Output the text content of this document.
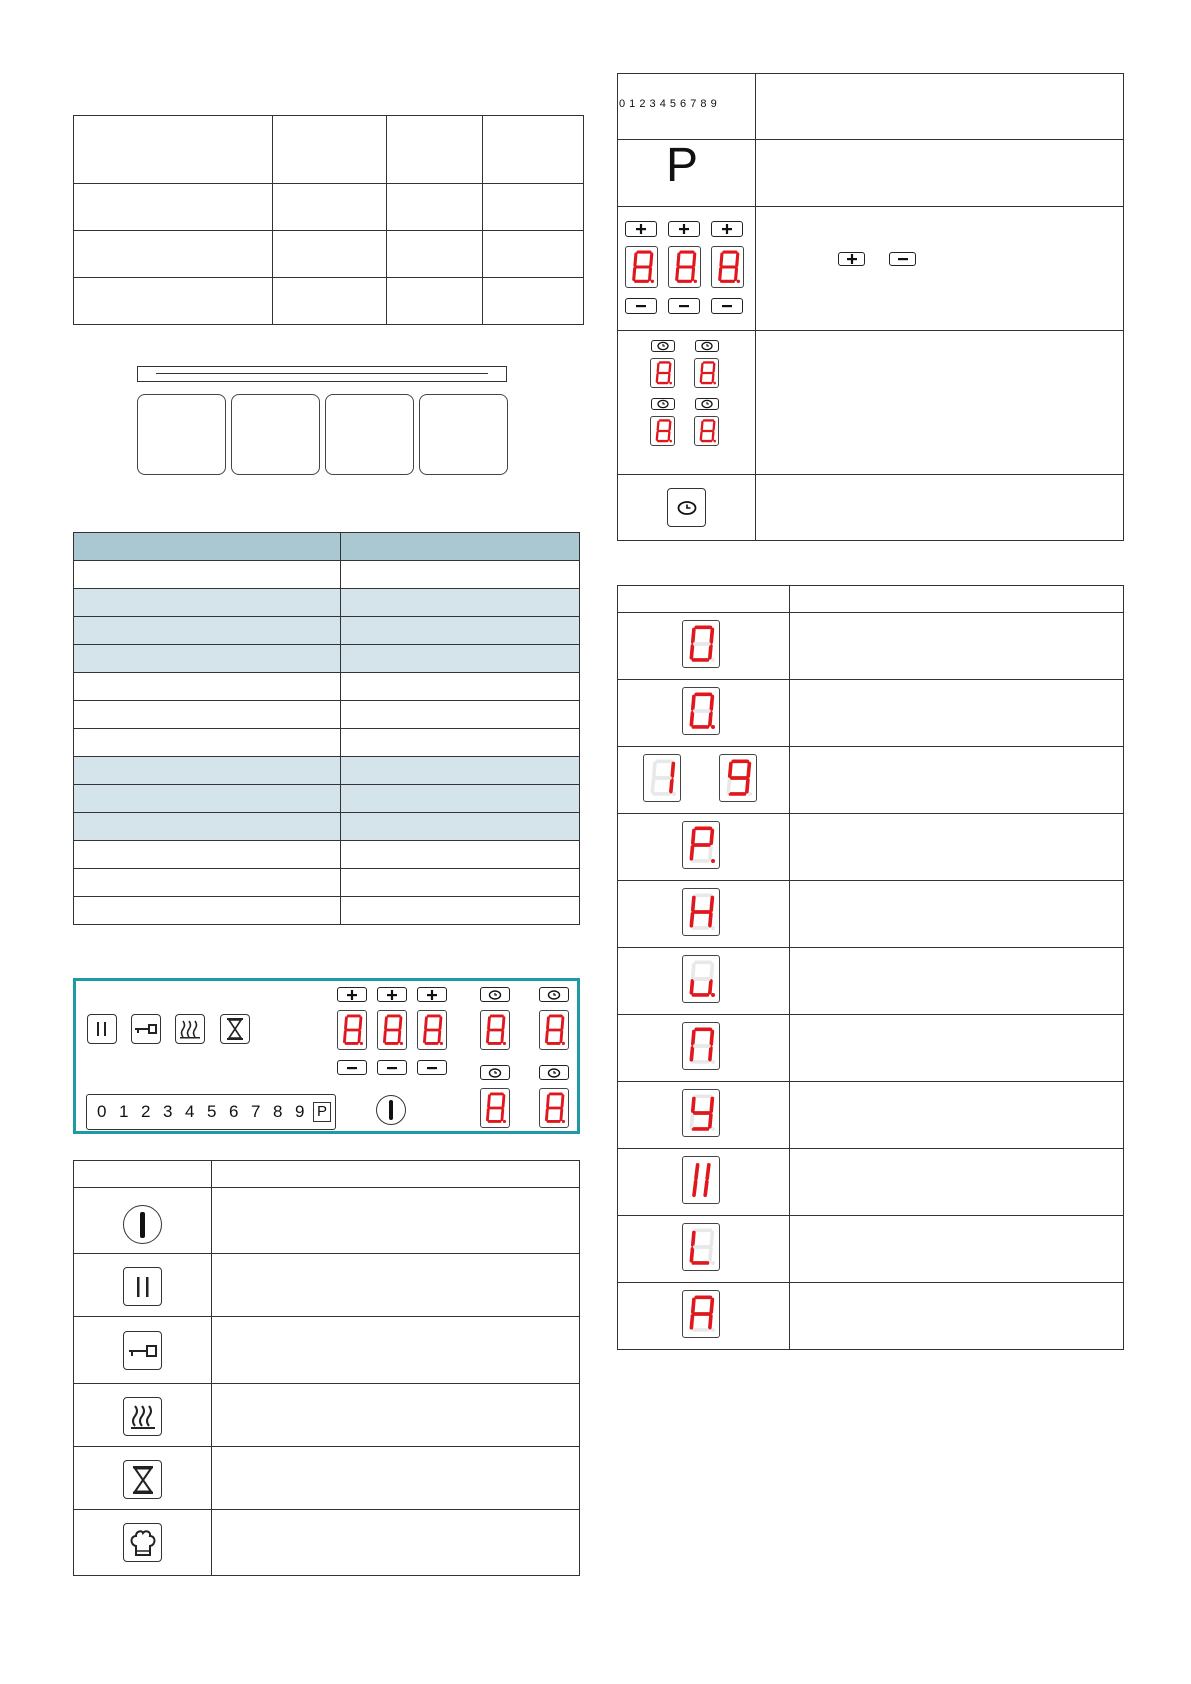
0 1 2 3 4 5 6 7 8 9 P

0 1 2 3 4 5 6 7 8 9
P
